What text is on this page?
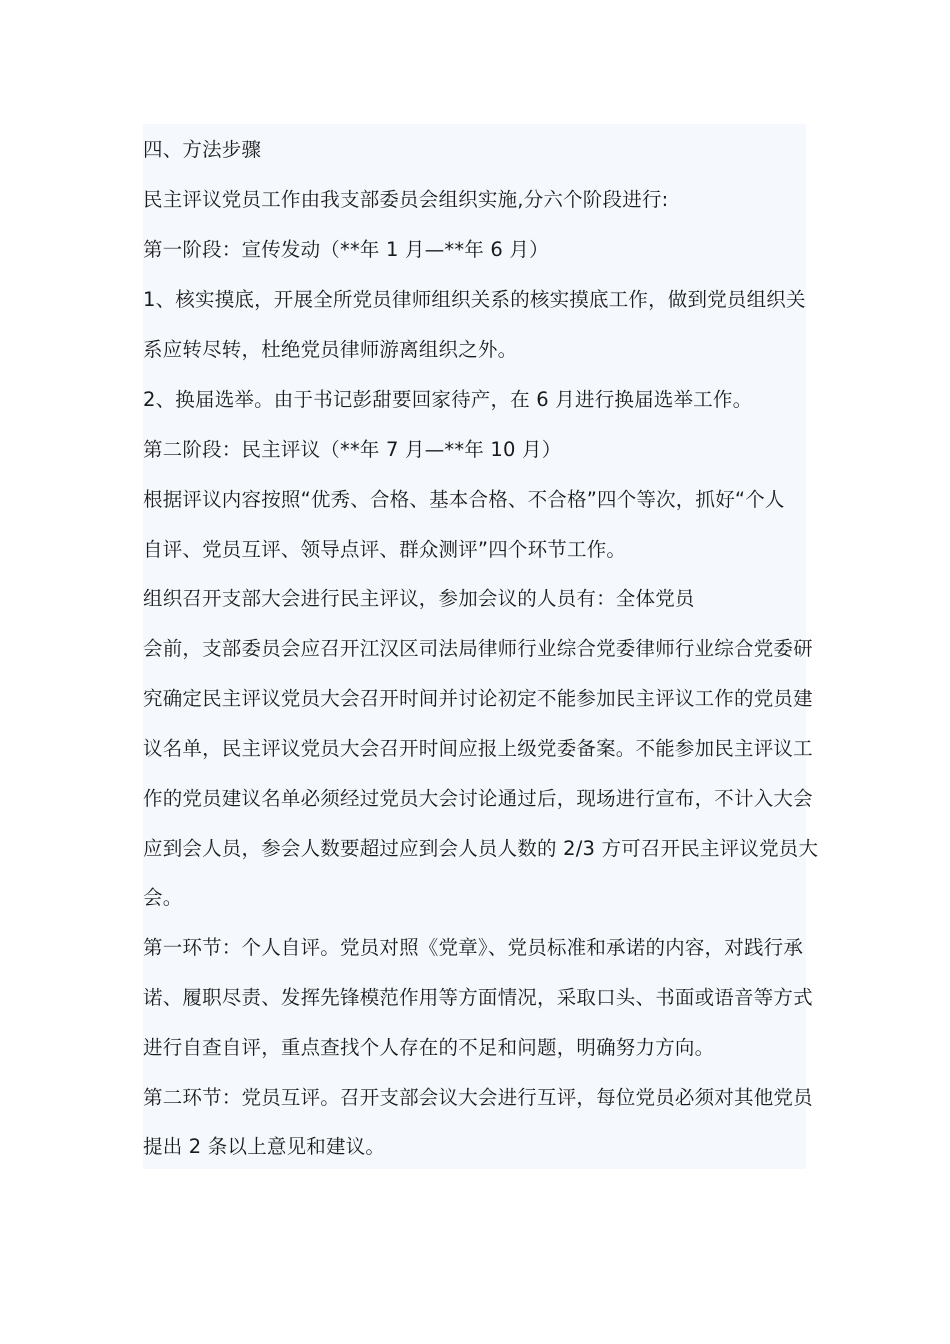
四、方法步骤
民主评议党员工作由我支部委员会组织实施,分六个阶段进行:
第一阶段：宣传发动（**年 1 月—**年 6 月）
1、核实摸底，开展全所党员律师组织关系的核实摸底工作，做到党员组织关
系应转尽转，杜绝党员律师游离组织之外。
2、换届选举。由于书记彭甜要回家待产，在 6 月进行换届选举工作。
第二阶段：民主评议（**年 7 月—**年 10 月）
根据评议内容按照“优秀、合格、基本合格、不合格”四个等次，抓好“个人
自评、党员互评、领导点评、群众测评”四个环节工作。
组织召开支部大会进行民主评议，参加会议的人员有：全体党员
会前，支部委员会应召开江汉区司法局律师行业综合党委律师行业综合党委研
究确定民主评议党员大会召开时间并讨论初定不能参加民主评议工作的党员建
议名单，民主评议党员大会召开时间应报上级党委备案。不能参加民主评议工
作的党员建议名单必须经过党员大会讨论通过后，现场进行宣布，不计入大会
应到会人员，参会人数要超过应到会人员人数的 2/3 方可召开民主评议党员大
会。
第一环节：个人自评。党员对照《党章》、党员标准和承诺的内容，对践行承
诺、履职尽责、发挥先锋模范作用等方面情况，采取口头、书面或语音等方式
进行自查自评，重点查找个人存在的不足和问题，明确努力方向。
第二环节：党员互评。召开支部会议大会进行互评，每位党员必须对其他党员
提出 2 条以上意见和建议。
